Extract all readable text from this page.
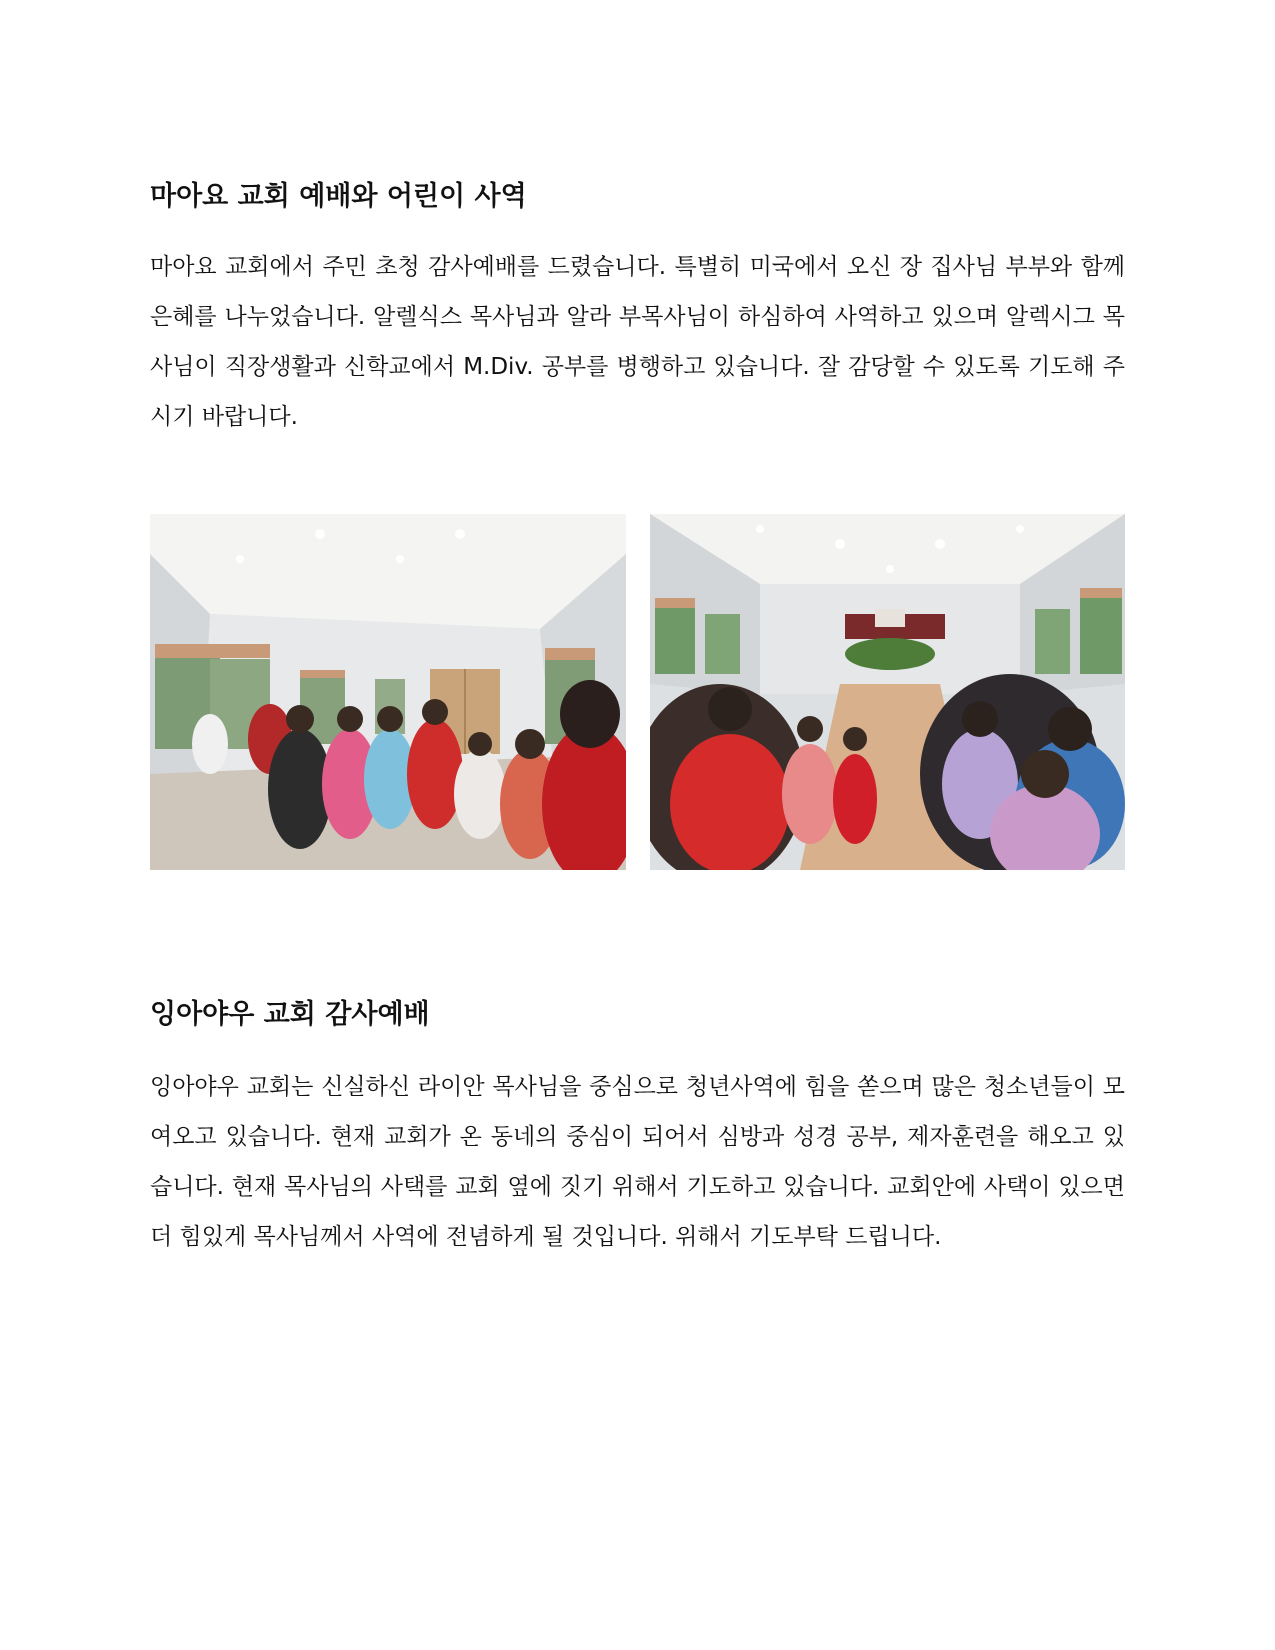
마아요 교회 예배와 어린이 사역

마아요 교회에서 주민 초청 감사예배를 드렸습니다. 특별히 미국에서 오신 장 집사님 부부와 함께 은혜를 나누었습니다. 알렐식스 목사님과 알라 부목사님이 하심하여 사역하고 있으며 알렉시그 목사님이 직장생활과 신학교에서 M.Div. 공부를 병행하고 있습니다. 잘 감당할 수 있도록 기도해 주시기 바랍니다.

잉아야우 교회 감사예배

잉아야우 교회는 신실하신 라이안 목사님을 중심으로 청년사역에 힘을 쏟으며 많은 청소년들이 모여오고 있습니다. 현재 교회가 온 동네의 중심이 되어서 심방과 성경 공부, 제자훈련을 해오고 있습니다. 현재 목사님의 사택를 교회 옆에 짓기 위해서 기도하고 있습니다. 교회안에 사택이 있으면 더 힘있게 목사님께서 사역에 전념하게 될 것입니다. 위해서 기도부탁 드립니다.
